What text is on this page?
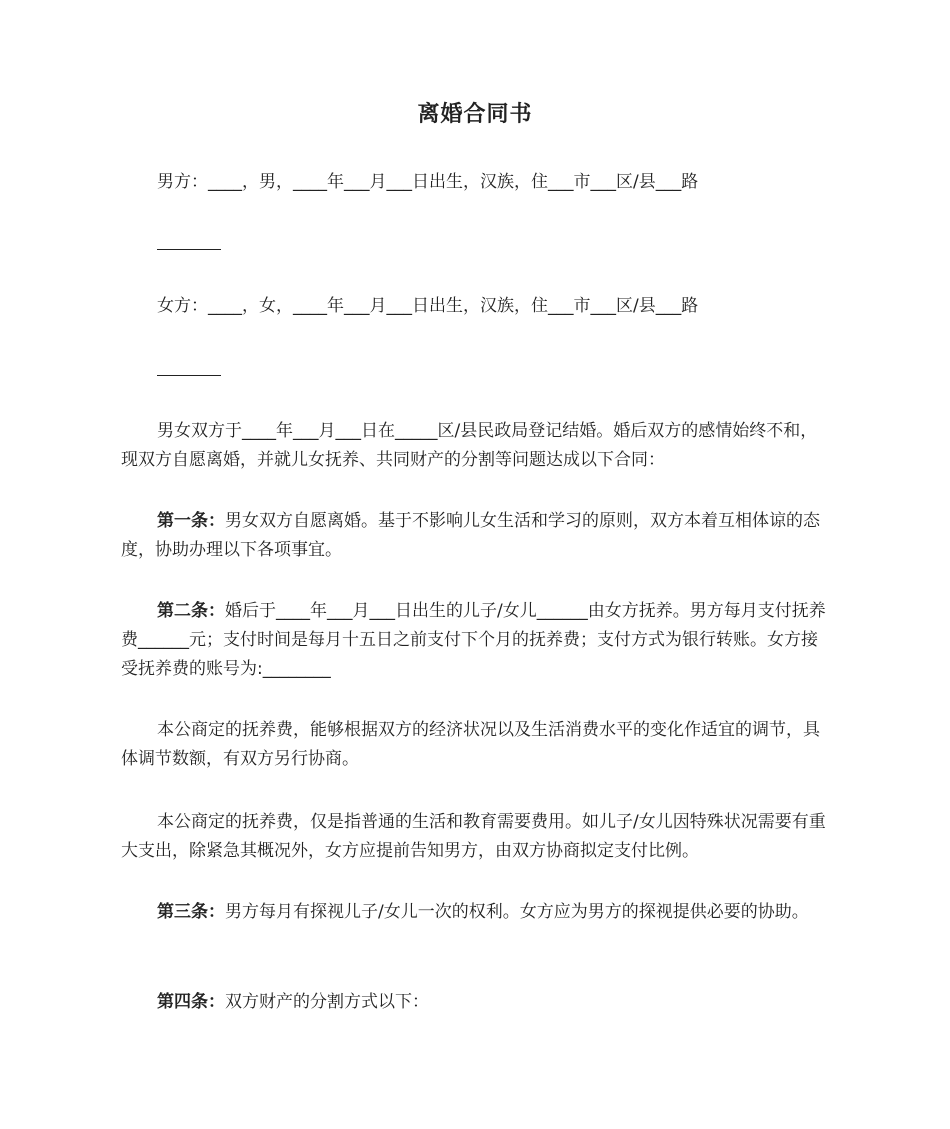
离婚合同书
男方：____，男，____年___月___日出生，汉族，住___市___区/县___路
女方：____，女，____年___月___日出生，汉族，住___市___区/县___路
男女双方于____年___月___日在_____区/县民政局登记结婚。婚后双方的感情始终不和，现双方自愿离婚，并就儿女抚养、共同财产的分割等问题达成以下合同：
第一条：男女双方自愿离婚。基于不影响儿女生活和学习的原则，双方本着互相体谅的态度，协助办理以下各项事宜。
第二条：婚后于____年___月___日出生的儿子/女儿______由女方抚养。男方每月支付抚养费______元；支付时间是每月十五日之前支付下个月的抚养费；支付方式为银行转账。女方接受抚养费的账号为:________
本公商定的抚养费，能够根据双方的经济状况以及生活消费水平的变化作适宜的调节，具体调节数额，有双方另行协商。
本公商定的抚养费，仅是指普通的生活和教育需要费用。如儿子/女儿因特殊状况需要有重大支出，除紧急其概况外，女方应提前告知男方，由双方协商拟定支付比例。
第三条：男方每月有探视儿子/女儿一次的权利。女方应为男方的探视提供必要的协助。
第四条：双方财产的分割方式以下：
